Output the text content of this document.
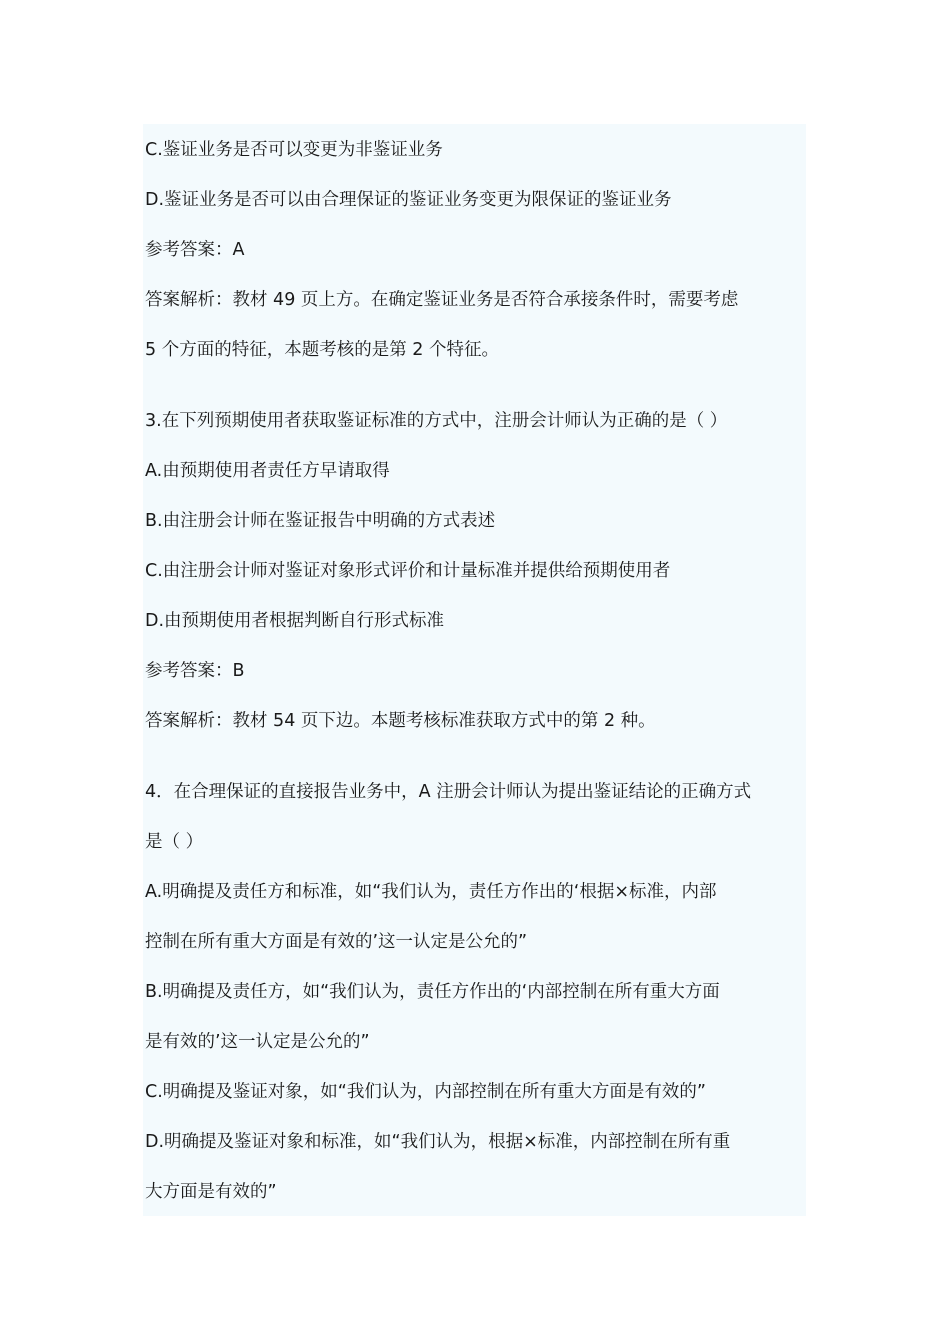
C.鉴证业务是否可以变更为非鉴证业务

D.鉴证业务是否可以由合理保证的鉴证业务变更为限保证的鉴证业务

参考答案：A

答案解析：教材 49 页上方。在确定鉴证业务是否符合承接条件时，需要考虑

5 个方面的特征，本题考核的是第 2 个特征。

3.在下列预期使用者获取鉴证标准的方式中，注册会计师认为正确的是（ ）

A.由预期使用者责任方早请取得

B.由注册会计师在鉴证报告中明确的方式表述

C.由注册会计师对鉴证对象形式评价和计量标准并提供给预期使用者

D.由预期使用者根据判断自行形式标准

参考答案：B

答案解析：教材 54 页下边。本题考核标准获取方式中的第 2 种。

4．在合理保证的直接报告业务中，A 注册会计师认为提出鉴证结论的正确方式

是（ ）

A.明确提及责任方和标准，如“我们认为，责任方作出的‘根据×标准，内部

控制在所有重大方面是有效的’这一认定是公允的”

B.明确提及责任方，如“我们认为，责任方作出的‘内部控制在所有重大方面

是有效的’这一认定是公允的”

C.明确提及鉴证对象，如“我们认为，内部控制在所有重大方面是有效的”

D.明确提及鉴证对象和标准，如“我们认为，根据×标准，内部控制在所有重

大方面是有效的”
